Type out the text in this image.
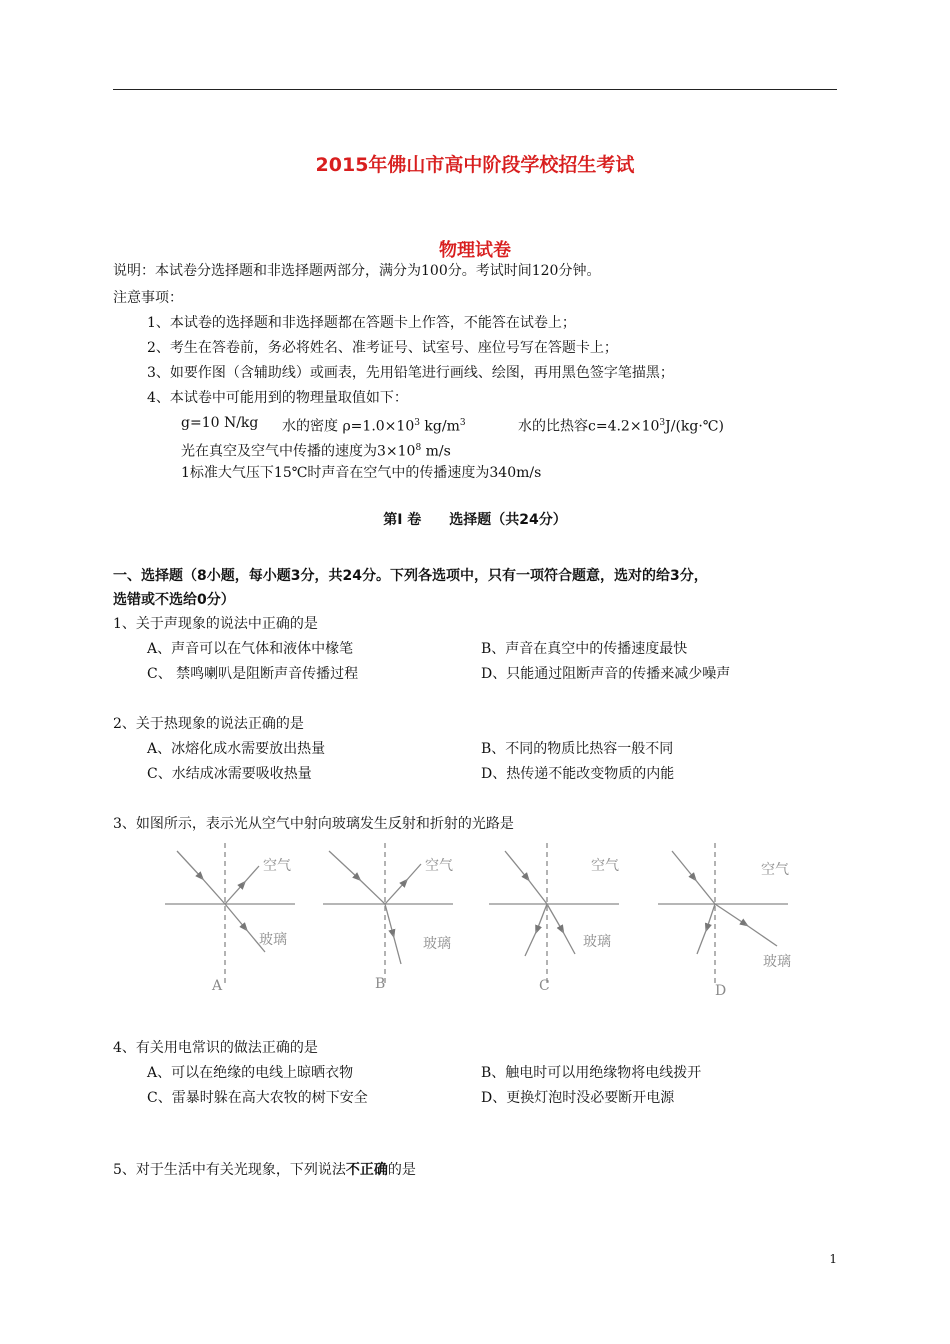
2015年佛山市高中阶段学校招生考试
物理试卷
说明：本试卷分选择题和非选择题两部分，满分为100分。考试时间120分钟。
注意事项：
1、本试卷的选择题和非选择题都在答题卡上作答，不能答在试卷上；
2、考生在答卷前，务必将姓名、准考证号、试室号、座位号写在答题卡上；
3、如要作图（含辅助线）或画表，先用铅笔进行画线、绘图，再用黑色签字笔描黑；
4、本试卷中可能用到的物理量取值如下：
g=10 N/kg 水的密度 $\rho=1.0\times 10^3$ $kg/m^3$	水的比热容$c=4.2\times 10^3J/(kg\cdot℃)$
光在真空及空气中传播的速度为$3\times 10^8$ m/s
1标准大气压下15℃时声音在空气中的传播速度为340m/s
第Ⅰ 卷 选择题（共24分）
一、选择题（8小题，每小题3分，共24分。下列各选项中，只有一项符合题意，选对的给3分，
选错或不选给0分）
1、关于声现象的说法中正确的是
A、声音可以在气体和液体中椽笔	B、声音在真空中的传播速度最快
C、 禁鸣喇叭是阻断声音传播过程	D、只能通过阻断声音的传播来减少噪声
2、关于热现象的说法正确的是
A、冰熔化成水需要放出热量	B、不同的物质比热容一般不同
C、水结成冰需要吸收热量	D、热传递不能改变物质的内能
3、如图所示，表示光从空气中射向玻璃发生反射和折射的光路是
空气
玻璃
空气
玻璃
空气
玻璃
空气
玻璃
A	B	C	D
4、有关用电常识的做法正确的是
A、可以在绝缘的电线上晾晒衣物	B、触电时可以用绝缘物将电线拨开
C、雷暴时躲在高大农牧的树下安全	D、更换灯泡时没必要断开电源
5、对于生活中有关光现象，下列说法不正确的是
1
